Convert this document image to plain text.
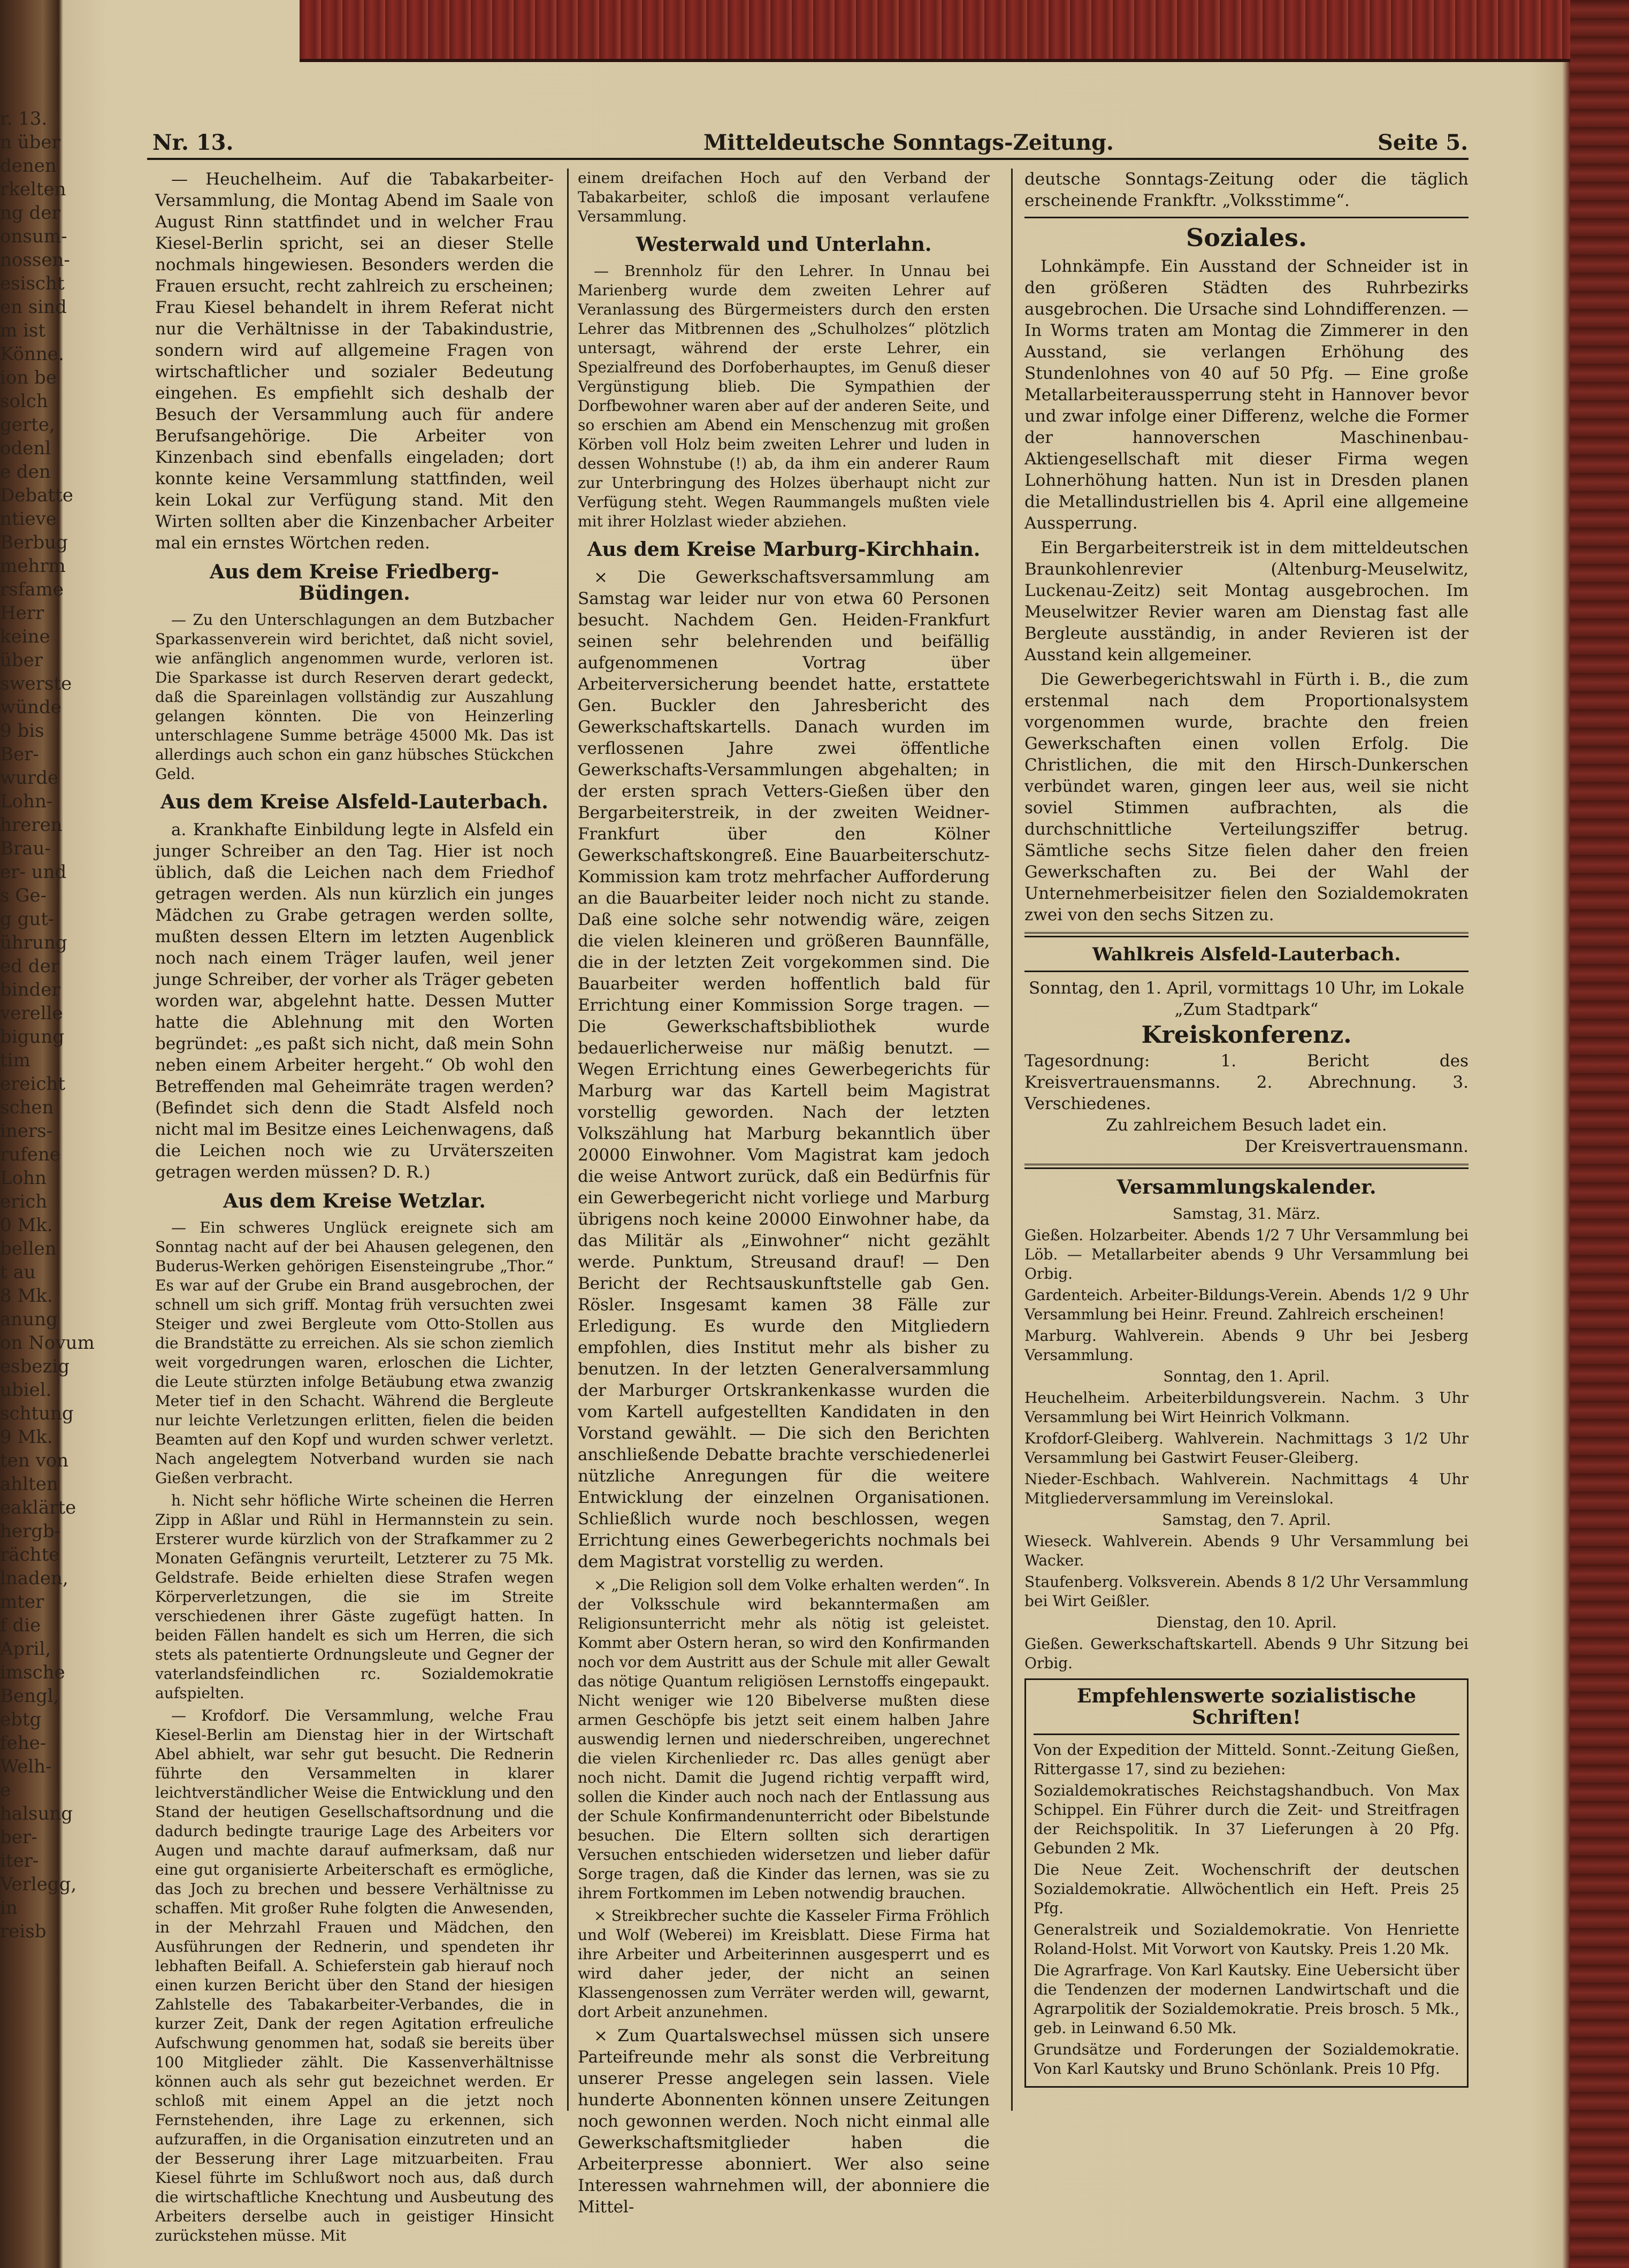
r. 13.
n über
denen
rkelten
ng der
onsum-
nossen-
esischt
en sind
m ist
Könne.
ion be
solch
gerte,
odenl
e den
Debatte
ntieve
Berbug
mehrm
rsfame
Herr
keine
über
swerste
wünde
9 bis
Ber-
wurde
Lohn-
hreren
Brau-
er- und
s Ge-
g gut-
ührung
ed der
binder
verelle
bigung
tim
ereicht
schen
iners-
rufene
Lohn
erich
0 Mk.
bellen
t au
8 Mk.
anung
on Novum
esbezig
ubiel.
schtung
9 Mk.
ten von
ahlten
eaklärte
hergb-
rächte
lnaden,
mter
f die
April,
imsche
Bengl,
ebtg
fehe-
Welh-
e
halsung
ber-
iter-
Verlegg,
in
reisb
Nr. 13.	Mitteldeutsche Sonntags-Zeitung.	Seite 5.

— Heuchelheim. Auf die Tabakarbeiter-Versammlung, die Montag Abend im Saale von August Rinn stattfindet und in welcher Frau Kiesel-Berlin spricht, sei an dieser Stelle nochmals hingewiesen. Besonders werden die Frauen ersucht, recht zahlreich zu erscheinen; Frau Kiesel behandelt in ihrem Referat nicht nur die Verhältnisse in der Tabakindustrie, sondern wird auf allgemeine Fragen von wirtschaftlicher und sozialer Bedeutung eingehen. Es empfiehlt sich deshalb der Besuch der Versammlung auch für andere Berufsangehörige. Die Arbeiter von Kinzenbach sind ebenfalls eingeladen; dort konnte keine Versammlung stattfinden, weil kein Lokal zur Verfügung stand. Mit den Wirten sollten aber die Kinzenbacher Arbeiter mal ein ernstes Wörtchen reden.

Aus dem Kreise Friedberg-Büdingen.

— Zu den Unterschlagungen an dem Butzbacher Sparkassenverein wird berichtet, daß nicht soviel, wie anfänglich angenommen wurde, verloren ist. Die Sparkasse ist durch Reserven derart gedeckt, daß die Spareinlagen vollständig zur Auszahlung gelangen könnten. Die von Heinzerling unterschlagene Summe beträge 45000 Mk. Das ist allerdings auch schon ein ganz hübsches Stückchen Geld.

Aus dem Kreise Alsfeld-Lauterbach.

a. Krankhafte Einbildung legte in Alsfeld ein junger Schreiber an den Tag. Hier ist noch üblich, daß die Leichen nach dem Friedhof getragen werden. Als nun kürzlich ein junges Mädchen zu Grabe getragen werden sollte, mußten dessen Eltern im letzten Augenblick noch nach einem Träger laufen, weil jener junge Schreiber, der vorher als Träger gebeten worden war, abgelehnt hatte. Dessen Mutter hatte die Ablehnung mit den Worten begründet: „es paßt sich nicht, daß mein Sohn neben einem Arbeiter hergeht.“ Ob wohl den Betreffenden mal Geheimräte tragen werden? (Befindet sich denn die Stadt Alsfeld noch nicht mal im Besitze eines Leichenwagens, daß die Leichen noch wie zu Urväterszeiten getragen werden müssen? D. R.)

Aus dem Kreise Wetzlar.

— Ein schweres Unglück ereignete sich am Sonntag nacht auf der bei Ahausen gelegenen, den Buderus-Werken gehörigen Eisensteingrube „Thor.“ Es war auf der Grube ein Brand ausgebrochen, der schnell um sich griff. Montag früh versuchten zwei Steiger und zwei Bergleute vom Otto-Stollen aus die Brandstätte zu erreichen. Als sie schon ziemlich weit vorgedrungen waren, erloschen die Lichter, die Leute stürzten infolge Betäubung etwa zwanzig Meter tief in den Schacht. Während die Bergleute nur leichte Verletzungen erlitten, fielen die beiden Beamten auf den Kopf und wurden schwer verletzt. Nach angelegtem Notverband wurden sie nach Gießen verbracht.

h. Nicht sehr höfliche Wirte scheinen die Herren Zipp in Aßlar und Rühl in Hermannstein zu sein. Ersterer wurde kürzlich von der Strafkammer zu 2 Monaten Gefängnis verurteilt, Letzterer zu 75 Mk. Geldstrafe. Beide erhielten diese Strafen wegen Körperverletzungen, die sie im Streite verschiedenen ihrer Gäste zugefügt hatten. In beiden Fällen handelt es sich um Herren, die sich stets als patentierte Ordnungsleute und Gegner der vaterlandsfeindlichen rc. Sozialdemokratie aufspielten.

— Krofdorf. Die Versammlung, welche Frau Kiesel-Berlin am Dienstag hier in der Wirtschaft Abel abhielt, war sehr gut besucht. Die Rednerin führte den Versammelten in klarer leichtverständlicher Weise die Entwicklung und den Stand der heutigen Gesellschaftsordnung und die dadurch bedingte traurige Lage des Arbeiters vor Augen und machte darauf aufmerksam, daß nur eine gut organisierte Arbeiterschaft es ermögliche, das Joch zu brechen und bessere Verhältnisse zu schaffen. Mit großer Ruhe folgten die Anwesenden, in der Mehrzahl Frauen und Mädchen, den Ausführungen der Rednerin, und spendeten ihr lebhaften Beifall. A. Schieferstein gab hierauf noch einen kurzen Bericht über den Stand der hiesigen Zahlstelle des Tabakarbeiter-Verbandes, die in kurzer Zeit, Dank der regen Agitation erfreuliche Aufschwung genommen hat, sodaß sie bereits über 100 Mitglieder zählt. Die Kassenverhältnisse können auch als sehr gut bezeichnet werden. Er schloß mit einem Appel an die jetzt noch Fernstehenden, ihre Lage zu erkennen, sich aufzuraffen, in die Organisation einzutreten und an der Besserung ihrer Lage mitzuarbeiten. Frau Kiesel führte im Schlußwort noch aus, daß durch die wirtschaftliche Knechtung und Ausbeutung des Arbeiters derselbe auch in geistiger Hinsicht zurückstehen müsse. Mit

einem dreifachen Hoch auf den Verband der Tabakarbeiter, schloß die imposant verlaufene Versammlung.

Westerwald und Unterlahn.

— Brennholz für den Lehrer. In Unnau bei Marienberg wurde dem zweiten Lehrer auf Veranlassung des Bürgermeisters durch den ersten Lehrer das Mitbrennen des „Schulholzes“ plötzlich untersagt, während der erste Lehrer, ein Spezialfreund des Dorfoberhauptes, im Genuß dieser Vergünstigung blieb. Die Sympathien der Dorfbewohner waren aber auf der anderen Seite, und so erschien am Abend ein Menschenzug mit großen Körben voll Holz beim zweiten Lehrer und luden in dessen Wohnstube (!) ab, da ihm ein anderer Raum zur Unterbringung des Holzes überhaupt nicht zur Verfügung steht. Wegen Raummangels mußten viele mit ihrer Holzlast wieder abziehen.

Aus dem Kreise Marburg-Kirchhain.

× Die Gewerkschaftsversammlung am Samstag war leider nur von etwa 60 Personen besucht. Nachdem Gen. Heiden-Frankfurt seinen sehr belehrenden und beifällig aufgenommenen Vortrag über Arbeiterversicherung beendet hatte, erstattete Gen. Buckler den Jahresbericht des Gewerkschaftskartells. Danach wurden im verflossenen Jahre zwei öffentliche Gewerkschafts-Versammlungen abgehalten; in der ersten sprach Vetters-Gießen über den Bergarbeiterstreik, in der zweiten Weidner-Frankfurt über den Kölner Gewerkschaftskongreß. Eine Bauarbeiterschutz-Kommission kam trotz mehrfacher Aufforderung an die Bauarbeiter leider noch nicht zu stande. Daß eine solche sehr notwendig wäre, zeigen die vielen kleineren und größeren Baunnfälle, die in der letzten Zeit vorgekommen sind. Die Bauarbeiter werden hoffentlich bald für Errichtung einer Kommission Sorge tragen. — Die Gewerkschaftsbibliothek wurde bedauerlicherweise nur mäßig benutzt. — Wegen Errichtung eines Gewerbegerichts für Marburg war das Kartell beim Magistrat vorstellig geworden. Nach der letzten Volkszählung hat Marburg bekanntlich über 20000 Einwohner. Vom Magistrat kam jedoch die weise Antwort zurück, daß ein Bedürfnis für ein Gewerbegericht nicht vorliege und Marburg übrigens noch keine 20000 Einwohner habe, da das Militär als „Einwohner“ nicht gezählt werde. Punktum, Streusand drauf! — Den Bericht der Rechtsauskunftstelle gab Gen. Rösler. Insgesamt kamen 38 Fälle zur Erledigung. Es wurde den Mitgliedern empfohlen, dies Institut mehr als bisher zu benutzen. In der letzten Generalversammlung der Marburger Ortskrankenkasse wurden die vom Kartell aufgestellten Kandidaten in den Vorstand gewählt. — Die sich den Berichten anschließende Debatte brachte verschiedenerlei nützliche Anregungen für die weitere Entwicklung der einzelnen Organisationen. Schließlich wurde noch beschlossen, wegen Errichtung eines Gewerbegerichts nochmals bei dem Magistrat vorstellig zu werden.

× „Die Religion soll dem Volke erhalten werden“. In der Volksschule wird bekanntermaßen am Religionsunterricht mehr als nötig ist geleistet. Kommt aber Ostern heran, so wird den Konfirmanden noch vor dem Austritt aus der Schule mit aller Gewalt das nötige Quantum religiösen Lernstoffs eingepaukt. Nicht weniger wie 120 Bibelverse mußten diese armen Geschöpfe bis jetzt seit einem halben Jahre auswendig lernen und niederschreiben, ungerechnet die vielen Kirchenlieder rc. Das alles genügt aber noch nicht. Damit die Jugend richtig verpafft wird, sollen die Kinder auch noch nach der Entlassung aus der Schule Konfirmandenunterricht oder Bibelstunde besuchen. Die Eltern sollten sich derartigen Versuchen entschieden widersetzen und lieber dafür Sorge tragen, daß die Kinder das lernen, was sie zu ihrem Fortkommen im Leben notwendig brauchen.

× Streikbrecher suchte die Kasseler Firma Fröhlich und Wolf (Weberei) im Kreisblatt. Diese Firma hat ihre Arbeiter und Arbeiterinnen ausgesperrt und es wird daher jeder, der nicht an seinen Klassengenossen zum Verräter werden will, gewarnt, dort Arbeit anzunehmen.

× Zum Quartalswechsel müssen sich unsere Parteifreunde mehr als sonst die Verbreitung unserer Presse angelegen sein lassen. Viele hunderte Abonnenten können unsere Zeitungen noch gewonnen werden. Noch nicht einmal alle Gewerkschaftsmitglieder haben die Arbeiterpresse abonniert. Wer also seine Interessen wahrnehmen will, der abonniere die Mittel-

deutsche Sonntags-Zeitung oder die täglich erscheinende Frankftr. „Volksstimme“.

Soziales.

Lohnkämpfe. Ein Ausstand der Schneider ist in den größeren Städten des Ruhrbezirks ausgebrochen. Die Ursache sind Lohndifferenzen. — In Worms traten am Montag die Zimmerer in den Ausstand, sie verlangen Erhöhung des Stundenlohnes von 40 auf 50 Pfg. — Eine große Metallarbeiteraussperrung steht in Hannover bevor und zwar infolge einer Differenz, welche die Former der hannoverschen Maschinenbau-Aktiengesellschaft mit dieser Firma wegen Lohnerhöhung hatten. Nun ist in Dresden planen die Metallindustriellen bis 4. April eine allgemeine Aussperrung.

Ein Bergarbeiterstreik ist in dem mitteldeutschen Braunkohlenrevier (Altenburg-Meuselwitz, Luckenau-Zeitz) seit Montag ausgebrochen. Im Meuselwitzer Revier waren am Dienstag fast alle Bergleute ausständig, in ander Revieren ist der Ausstand kein allgemeiner.

Die Gewerbegerichtswahl in Fürth i. B., die zum erstenmal nach dem Proportionalsystem vorgenommen wurde, brachte den freien Gewerkschaften einen vollen Erfolg. Die Christlichen, die mit den Hirsch-Dunkerschen verbündet waren, gingen leer aus, weil sie nicht soviel Stimmen aufbrachten, als die durchschnittliche Verteilungsziffer betrug. Sämtliche sechs Sitze fielen daher den freien Gewerkschaften zu. Bei der Wahl der Unternehmerbeisitzer fielen den Sozialdemokraten zwei von den sechs Sitzen zu.

Wahlkreis Alsfeld-Lauterbach.
Sonntag, den 1. April, vormittags 10 Uhr, im Lokale „Zum Stadtpark“
Kreiskonferenz.
Tagesordnung: 1. Bericht des Kreisvertrauensmanns. 2. Abrechnung. 3. Verschiedenes.
Zu zahlreichem Besuch ladet ein.
Der Kreisvertrauensmann.
Versammlungskalender.

Samstag, 31. März.

Gießen. Holzarbeiter. Abends 1/2 7 Uhr Versammlung bei Löb. — Metallarbeiter abends 9 Uhr Versammlung bei Orbig.

Gardenteich. Arbeiter-Bildungs-Verein. Abends 1/2 9 Uhr Versammlung bei Heinr. Freund. Zahlreich erscheinen!

Marburg. Wahlverein. Abends 9 Uhr bei Jesberg Versammlung.

Sonntag, den 1. April.

Heuchelheim. Arbeiterbildungsverein. Nachm. 3 Uhr Versammlung bei Wirt Heinrich Volkmann.

Krofdorf-Gleiberg. Wahlverein. Nachmittags 3 1/2 Uhr Versammlung bei Gastwirt Feuser-Gleiberg.

Nieder-Eschbach. Wahlverein. Nachmittags 4 Uhr Mitgliederversammlung im Vereinslokal.

Samstag, den 7. April.

Wieseck. Wahlverein. Abends 9 Uhr Versammlung bei Wacker.

Staufenberg. Volksverein. Abends 8 1/2 Uhr Versammlung bei Wirt Geißler.

Dienstag, den 10. April.

Gießen. Gewerkschaftskartell. Abends 9 Uhr Sitzung bei Orbig.

Empfehlenswerte sozialistische Schriften!

Von der Expedition der Mitteld. Sonnt.-Zeitung Gießen, Rittergasse 17, sind zu beziehen:

Sozialdemokratisches Reichstagshandbuch. Von Max Schippel. Ein Führer durch die Zeit- und Streitfragen der Reichspolitik. In 37 Lieferungen à 20 Pfg. Gebunden 2 Mk.

Die Neue Zeit. Wochenschrift der deutschen Sozialdemokratie. Allwöchentlich ein Heft. Preis 25 Pfg.

Generalstreik und Sozialdemokratie. Von Henriette Roland-Holst. Mit Vorwort von Kautsky. Preis 1.20 Mk.

Die Agrarfrage. Von Karl Kautsky. Eine Uebersicht über die Tendenzen der modernen Landwirtschaft und die Agrarpolitik der Sozialdemokratie. Preis brosch. 5 Mk., geb. in Leinwand 6.50 Mk.

Grundsätze und Forderungen der Sozialdemokratie. Von Karl Kautsky und Bruno Schönlank. Preis 10 Pfg.
